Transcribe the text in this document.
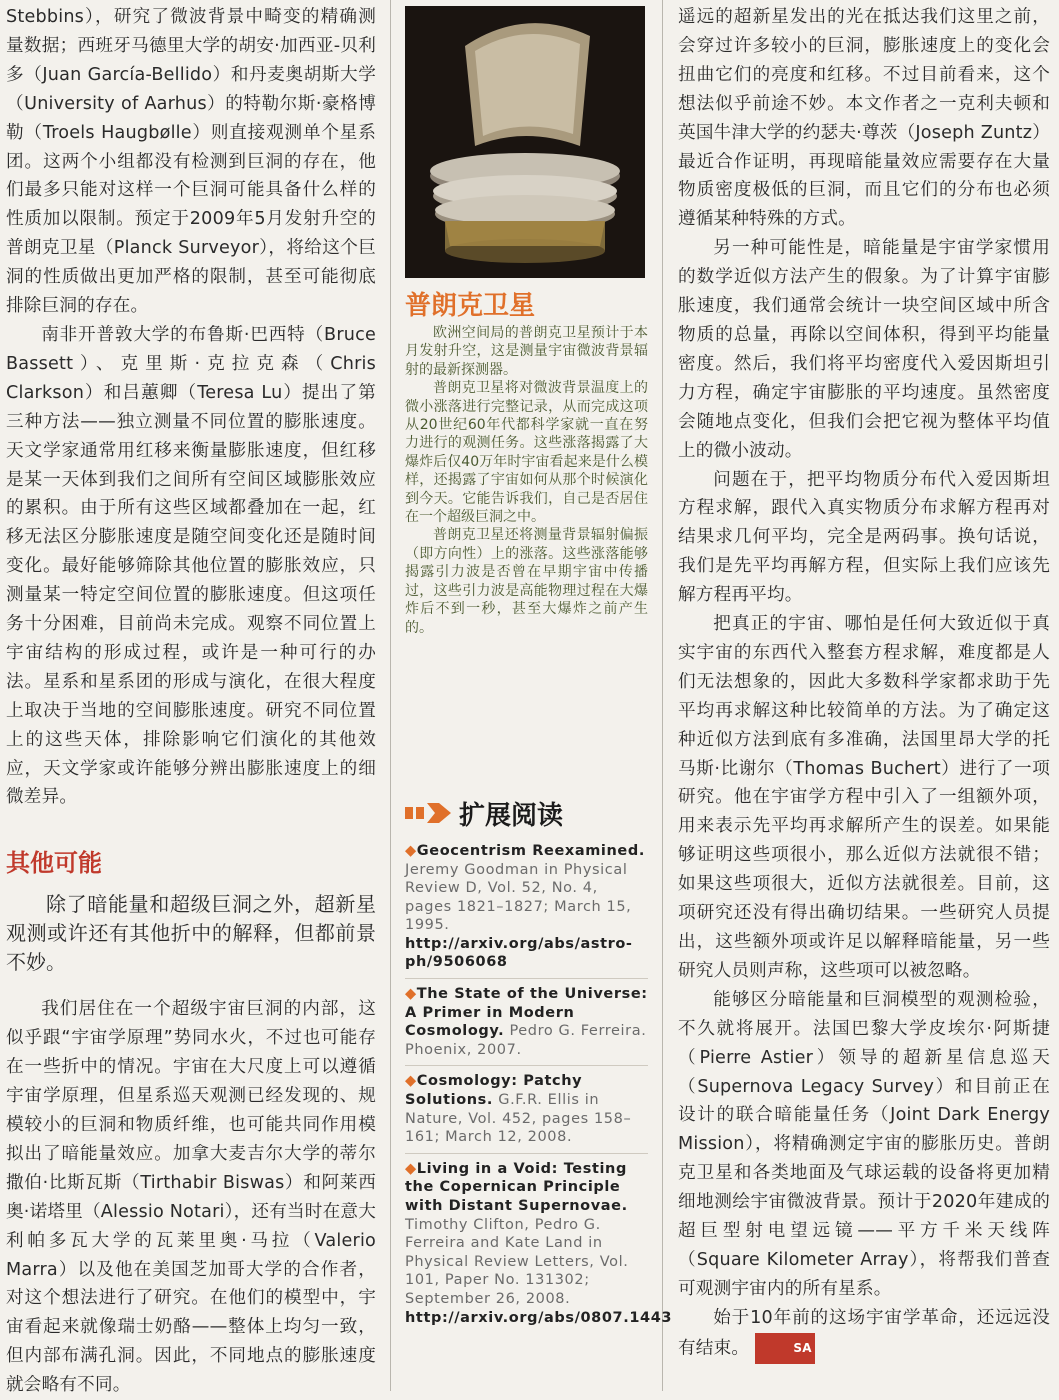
Stebbins），研究了微波背景中畸变的精确测量数据；西班牙马德里大学的胡安·加西亚-贝利多（Juan García-Bellido）和丹麦奥胡斯大学（University of Aarhus）的特勒尔斯·豪格博勒（Troels Haugbølle）则直接观测单个星系团。这两个小组都没有检测到巨洞的存在，他们最多只能对这样一个巨洞可能具备什么样的性质加以限制。预定于2009年5月发射升空的普朗克卫星（Planck Surveyor），将给这个巨洞的性质做出更加严格的限制，甚至可能彻底排除巨洞的存在。

南非开普敦大学的布鲁斯·巴西特（Bruce Bassett）、克里斯·克拉克森（Chris Clarkson）和吕蕙卿（Teresa Lu）提出了第三种方法——独立测量不同位置的膨胀速度。天文学家通常用红移来衡量膨胀速度，但红移是某一天体到我们之间所有空间区域膨胀效应的累积。由于所有这些区域都叠加在一起，红移无法区分膨胀速度是随空间变化还是随时间变化。最好能够筛除其他位置的膨胀效应，只测量某一特定空间位置的膨胀速度。但这项任务十分困难，目前尚未完成。观察不同位置上宇宙结构的形成过程，或许是一种可行的办法。星系和星系团的形成与演化，在很大程度上取决于当地的空间膨胀速度。研究不同位置上的这些天体，排除影响它们演化的其他效应，天文学家或许能够分辨出膨胀速度上的细微差异。

其他可能

除了暗能量和超级巨洞之外，超新星观测或许还有其他折中的解释，但都前景不妙。

我们居住在一个超级宇宙巨洞的内部，这似乎跟“宇宙学原理”势同水火，不过也可能存在一些折中的情况。宇宙在大尺度上可以遵循宇宙学原理，但星系巡天观测已经发现的、规模较小的巨洞和物质纤维，也可能共同作用模拟出了暗能量效应。加拿大麦吉尔大学的蒂尔撒伯·比斯瓦斯（Tirthabir Biswas）和阿莱西奥·诺塔里（Alessio Notari），还有当时在意大利帕多瓦大学的瓦莱里奥·马拉（Valerio Marra）以及他在美国芝加哥大学的合作者，对这个想法进行了研究。在他们的模型中，宇宙看起来就像瑞士奶酪——整体上均匀一致，但内部布满孔洞。因此，不同地点的膨胀速度就会略有不同。

普朗克卫星

欧洲空间局的普朗克卫星预计于本月发射升空，这是测量宇宙微波背景辐射的最新探测器。

普朗克卫星将对微波背景温度上的微小涨落进行完整记录，从而完成这项从20世纪60年代都科学家就一直在努力进行的观测任务。这些涨落揭露了大爆炸后仅40万年时宇宙看起来是什么模样，还揭露了宇宙如何从那个时候演化到今天。它能告诉我们，自己是否居住在一个超级巨洞之中。

普朗克卫星还将测量背景辐射偏振（即方向性）上的涨落。这些涨落能够揭露引力波是否曾在早期宇宙中传播过，这些引力波是高能物理过程在大爆炸后不到一秒，甚至大爆炸之前产生的。

扩展阅读

◆Geocentrism Reexamined. Jeremy Goodman in Physical Review D, Vol. 52, No. 4, pages 1821–1827; March 15, 1995. http://arxiv.org/abs/astro-ph/9506068

◆The State of the Universe: A Primer in Modern Cosmology. Pedro G. Ferreira. Phoenix, 2007.

◆Cosmology: Patchy Solutions. G.F.R. Ellis in Nature, Vol. 452, pages 158–161; March 12, 2008.

◆Living in a Void: Testing the Copernican Principle with Distant Supernovae. Timothy Clifton, Pedro G. Ferreira and Kate Land in Physical Review Letters, Vol. 101, Paper No. 131302; September 26, 2008. http://arxiv.org/abs/0807.1443

遥远的超新星发出的光在抵达我们这里之前，会穿过许多较小的巨洞，膨胀速度上的变化会扭曲它们的亮度和红移。不过目前看来，这个想法似乎前途不妙。本文作者之一克利夫顿和英国牛津大学的约瑟夫·尊茨（Joseph Zuntz）最近合作证明，再现暗能量效应需要存在大量物质密度极低的巨洞，而且它们的分布也必须遵循某种特殊的方式。

另一种可能性是，暗能量是宇宙学家惯用的数学近似方法产生的假象。为了计算宇宙膨胀速度，我们通常会统计一块空间区域中所含物质的总量，再除以空间体积，得到平均能量密度。然后，我们将平均密度代入爱因斯坦引力方程，确定宇宙膨胀的平均速度。虽然密度会随地点变化，但我们会把它视为整体平均值上的微小波动。

问题在于，把平均物质分布代入爱因斯坦方程求解，跟代入真实物质分布求解方程再对结果求几何平均，完全是两码事。换句话说，我们是先平均再解方程，但实际上我们应该先解方程再平均。

把真正的宇宙、哪怕是任何大致近似于真实宇宙的东西代入整套方程求解，难度都是人们无法想象的，因此大多数科学家都求助于先平均再求解这种比较简单的方法。为了确定这种近似方法到底有多准确，法国里昂大学的托马斯·比谢尔（Thomas Buchert）进行了一项研究。他在宇宙学方程中引入了一组额外项，用来表示先平均再求解所产生的误差。如果能够证明这些项很小，那么近似方法就很不错；如果这些项很大，近似方法就很差。目前，这项研究还没有得出确切结果。一些研究人员提出，这些额外项或许足以解释暗能量，另一些研究人员则声称，这些项可以被忽略。

能够区分暗能量和巨洞模型的观测检验，不久就将展开。法国巴黎大学皮埃尔·阿斯捷（Pierre Astier）领导的超新星信息巡天（Supernova Legacy Survey）和目前正在设计的联合暗能量任务（Joint Dark Energy Mission），将精确测定宇宙的膨胀历史。普朗克卫星和各类地面及气球运载的设备将更加精细地测绘宇宙微波背景。预计于2020年建成的超巨型射电望远镜——平方千米天线阵（Square Kilometer Array），将帮我们普查可观测宇宙内的所有星系。

始于10年前的这场宇宙学革命，还远远没有结束。	SA
